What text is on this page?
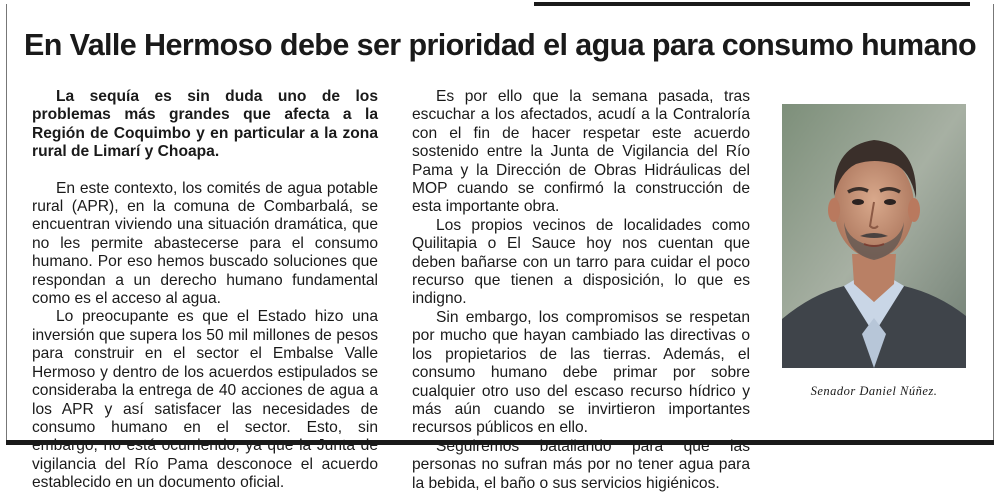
En Valle Hermoso debe ser prioridad el agua para consumo humano

La sequía es sin duda uno de los problemas más grandes que afecta a la Región de Coquimbo y en particular a la zona rural de Limarí y Choapa.

En este contexto, los comités de agua potable rural (APR), en la comuna de Combarbalá, se encuentran viviendo una situación dramática, que no les permite abastecerse para el consumo humano. Por eso hemos buscado soluciones que respondan a un derecho humano fundamental como es el acceso al agua.

Lo preocupante es que el Estado hizo una inversión que supera los 50 mil millones de pesos para construir en el sector el Embalse Valle Hermoso y dentro de los acuerdos estipulados se consideraba la entrega de 40 acciones de agua a los APR y así satisfacer las necesidades de consumo humano en el sector. Esto, sin embargo, no está ocurriendo, ya que la Junta de vigilancia del Río Pama desconoce el acuerdo establecido en un documento oficial.

Es por ello que la semana pasada, tras escuchar a los afectados, acudí a la Contraloría con el fin de hacer respetar este acuerdo sostenido entre la Junta de Vigilancia del Río Pama y la Dirección de Obras Hidráulicas del MOP cuando se confirmó la construcción de esta importante obra.

Los propios vecinos de localidades como Quilitapia o El Sauce hoy nos cuentan que deben bañarse con un tarro para cuidar el poco recurso que tienen a disposición, lo que es indigno.

Sin embargo, los compromisos se respetan por mucho que hayan cambiado las directivas o los propietarios de las tierras. Además, el consumo humano debe primar por sobre cualquier otro uso del escaso recurso hídrico y más aún cuando se invirtieron importantes recursos públicos en ello.

Seguiremos batallando para que las personas no sufran más por no tener agua para la bebida, el baño o sus servicios higiénicos.

Senador Daniel Núñez.
